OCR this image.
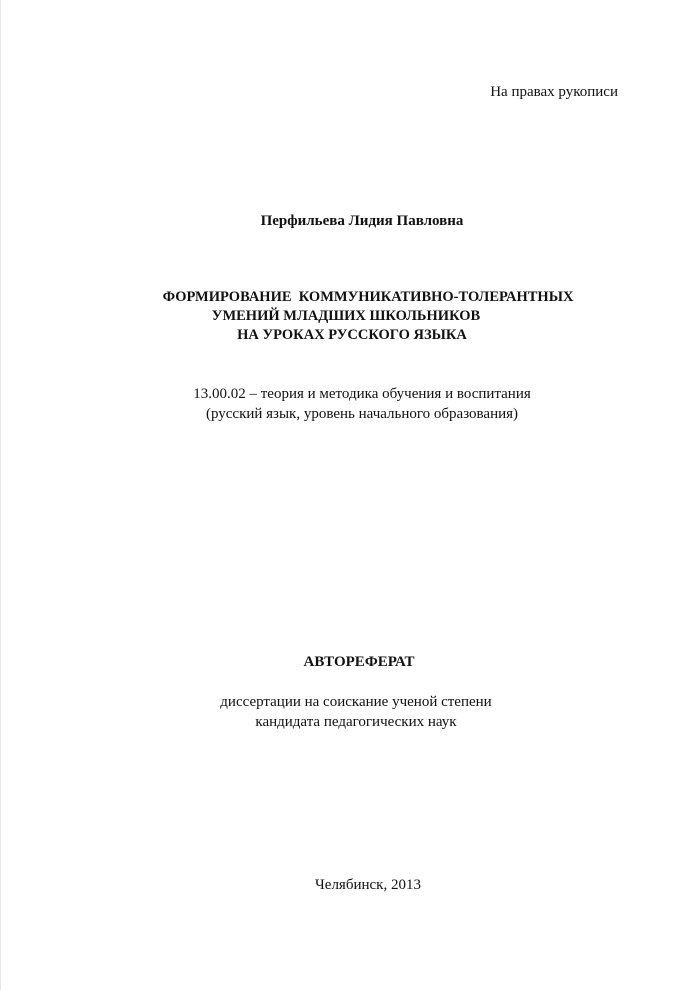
На правах рукописи
Перфильева Лидия Павловна
ФОРМИРОВАНИЕ  КОММУНИКАТИВНО-ТОЛЕРАНТНЫХ
УМЕНИЙ МЛАДШИХ ШКОЛЬНИКОВ
НА УРОКАХ РУССКОГО ЯЗЫКА
13.00.02 – теория и методика обучения и воспитания
(русский язык, уровень начального образования)
АВТОРЕФЕРАТ
диссертации на соискание ученой степени
кандидата педагогических наук
Челябинск, 2013
